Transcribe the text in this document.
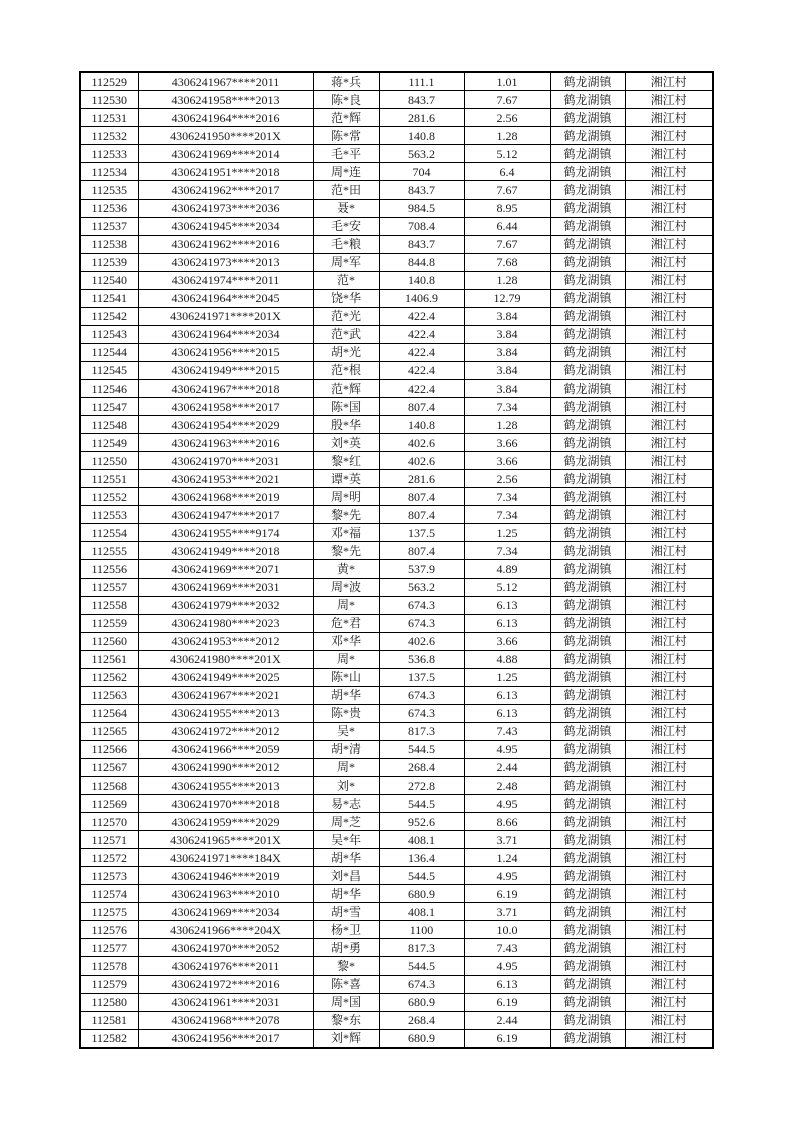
112529	4306241967****2011	蒋*兵	111.1	1.01	鹤龙湖镇	湘江村
112530	4306241958****2013	陈*良	843.7	7.67	鹤龙湖镇	湘江村
112531	4306241964****2016	范*辉	281.6	2.56	鹤龙湖镇	湘江村
112532	4306241950****201X	陈*常	140.8	1.28	鹤龙湖镇	湘江村
112533	4306241969****2014	毛*平	563.2	5.12	鹤龙湖镇	湘江村
112534	4306241951****2018	周*连	704	6.4	鹤龙湖镇	湘江村
112535	4306241962****2017	范*田	843.7	7.67	鹤龙湖镇	湘江村
112536	4306241973****2036	聂*	984.5	8.95	鹤龙湖镇	湘江村
112537	4306241945****2034	毛*安	708.4	6.44	鹤龙湖镇	湘江村
112538	4306241962****2016	毛*粮	843.7	7.67	鹤龙湖镇	湘江村
112539	4306241973****2013	周*军	844.8	7.68	鹤龙湖镇	湘江村
112540	4306241974****2011	范*	140.8	1.28	鹤龙湖镇	湘江村
112541	4306241964****2045	饶*华	1406.9	12.79	鹤龙湖镇	湘江村
112542	4306241971****201X	范*光	422.4	3.84	鹤龙湖镇	湘江村
112543	4306241964****2034	范*武	422.4	3.84	鹤龙湖镇	湘江村
112544	4306241956****2015	胡*光	422.4	3.84	鹤龙湖镇	湘江村
112545	4306241949****2015	范*根	422.4	3.84	鹤龙湖镇	湘江村
112546	4306241967****2018	范*辉	422.4	3.84	鹤龙湖镇	湘江村
112547	4306241958****2017	陈*国	807.4	7.34	鹤龙湖镇	湘江村
112548	4306241954****2029	殷*华	140.8	1.28	鹤龙湖镇	湘江村
112549	4306241963****2016	刘*英	402.6	3.66	鹤龙湖镇	湘江村
112550	4306241970****2031	黎*红	402.6	3.66	鹤龙湖镇	湘江村
112551	4306241953****2021	谭*英	281.6	2.56	鹤龙湖镇	湘江村
112552	4306241968****2019	周*明	807.4	7.34	鹤龙湖镇	湘江村
112553	4306241947****2017	黎*先	807.4	7.34	鹤龙湖镇	湘江村
112554	4306241955****9174	邓*福	137.5	1.25	鹤龙湖镇	湘江村
112555	4306241949****2018	黎*先	807.4	7.34	鹤龙湖镇	湘江村
112556	4306241969****2071	黄*	537.9	4.89	鹤龙湖镇	湘江村
112557	4306241969****2031	周*波	563.2	5.12	鹤龙湖镇	湘江村
112558	4306241979****2032	周*	674.3	6.13	鹤龙湖镇	湘江村
112559	4306241980****2023	危*君	674.3	6.13	鹤龙湖镇	湘江村
112560	4306241953****2012	邓*华	402.6	3.66	鹤龙湖镇	湘江村
112561	4306241980****201X	周*	536.8	4.88	鹤龙湖镇	湘江村
112562	4306241949****2025	陈*山	137.5	1.25	鹤龙湖镇	湘江村
112563	4306241967****2021	胡*华	674.3	6.13	鹤龙湖镇	湘江村
112564	4306241955****2013	陈*贵	674.3	6.13	鹤龙湖镇	湘江村
112565	4306241972****2012	吴*	817.3	7.43	鹤龙湖镇	湘江村
112566	4306241966****2059	胡*清	544.5	4.95	鹤龙湖镇	湘江村
112567	4306241990****2012	周*	268.4	2.44	鹤龙湖镇	湘江村
112568	4306241955****2013	刘*	272.8	2.48	鹤龙湖镇	湘江村
112569	4306241970****2018	易*志	544.5	4.95	鹤龙湖镇	湘江村
112570	4306241959****2029	周*芝	952.6	8.66	鹤龙湖镇	湘江村
112571	4306241965****201X	吴*年	408.1	3.71	鹤龙湖镇	湘江村
112572	4306241971****184X	胡*华	136.4	1.24	鹤龙湖镇	湘江村
112573	4306241946****2019	刘*昌	544.5	4.95	鹤龙湖镇	湘江村
112574	4306241963****2010	胡*华	680.9	6.19	鹤龙湖镇	湘江村
112575	4306241969****2034	胡*雪	408.1	3.71	鹤龙湖镇	湘江村
112576	4306241966****204X	杨*卫	1100	10.0	鹤龙湖镇	湘江村
112577	4306241970****2052	胡*勇	817.3	7.43	鹤龙湖镇	湘江村
112578	4306241976****2011	黎*	544.5	4.95	鹤龙湖镇	湘江村
112579	4306241972****2016	陈*喜	674.3	6.13	鹤龙湖镇	湘江村
112580	4306241961****2031	周*国	680.9	6.19	鹤龙湖镇	湘江村
112581	4306241968****2078	黎*东	268.4	2.44	鹤龙湖镇	湘江村
112582	4306241956****2017	刘*辉	680.9	6.19	鹤龙湖镇	湘江村
